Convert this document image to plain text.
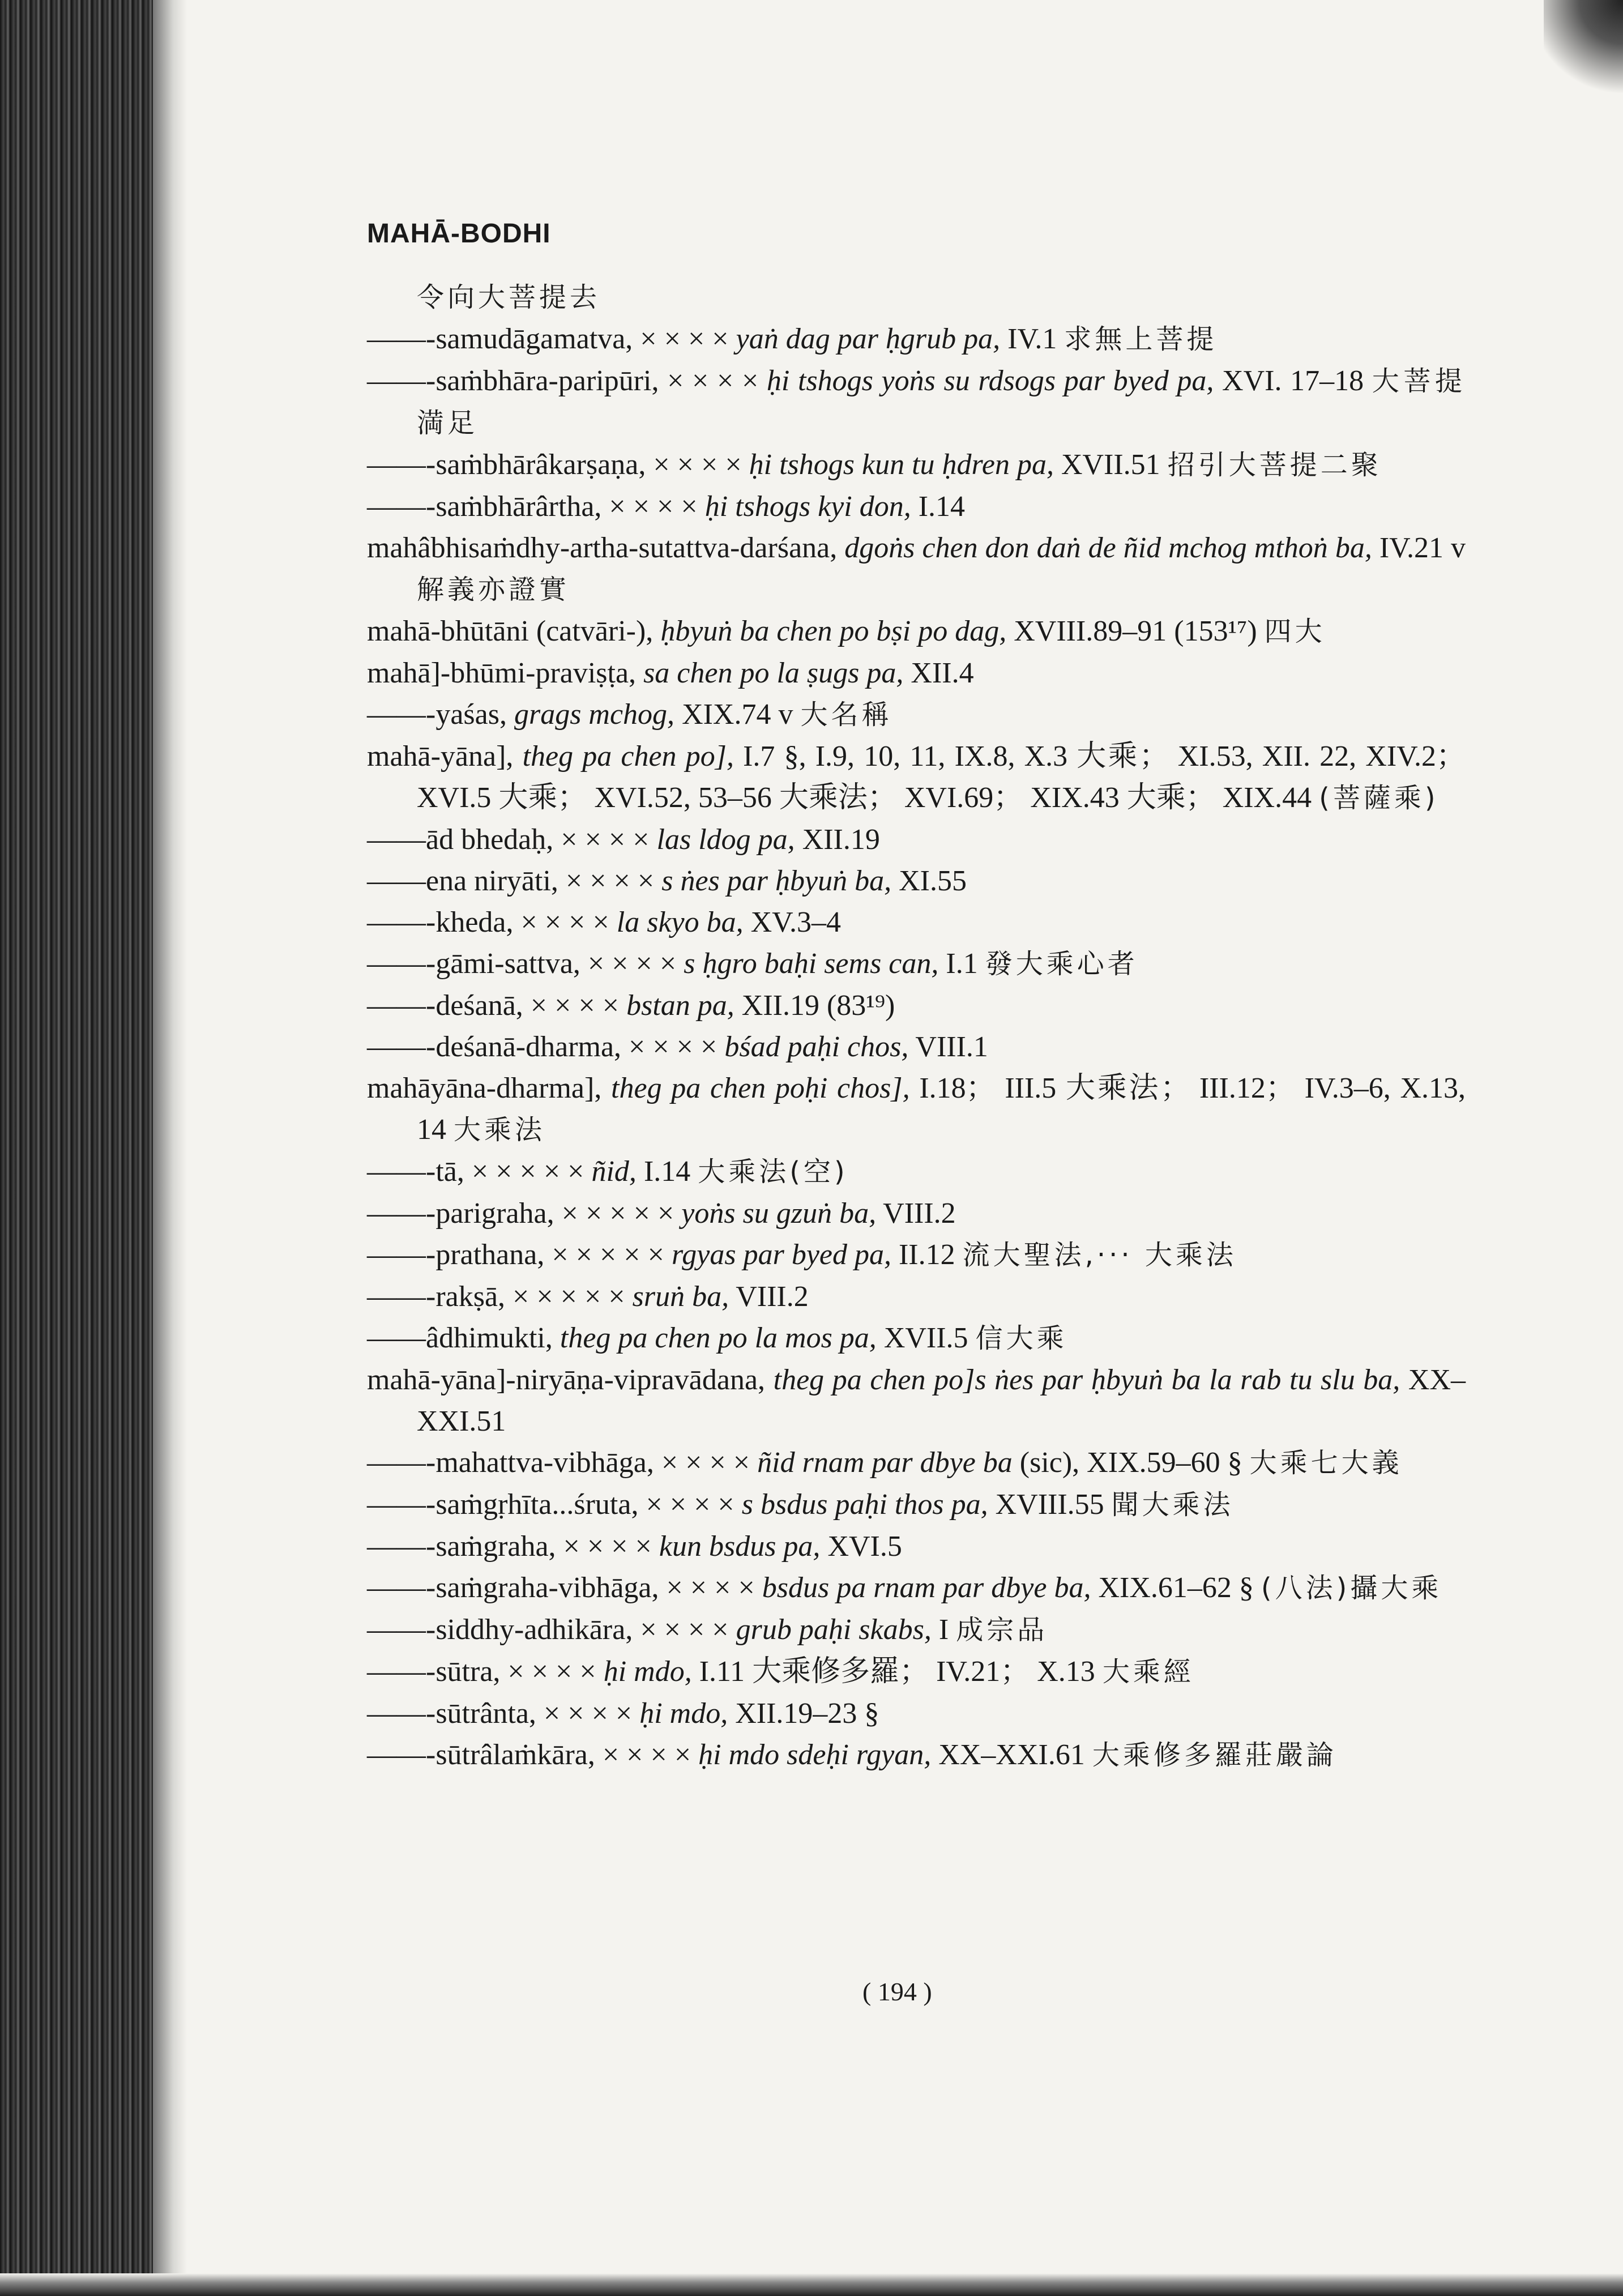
MAHĀ-BODHI

令向大菩提去

——-samudāgamatva, × × × × yaṅ dag par ḥgrub pa, IV.1 求無上菩提

——-saṁbhāra-paripūri, × × × × ḥi tshogs yoṅs su rdsogs par byed pa, XVI. 17–18 大菩提満足

——-saṁbhārâkarṣaṇa, × × × × ḥi tshogs kun tu ḥdren pa, XVII.51 招引大菩提二聚

——-saṁbhārârtha, × × × × ḥi tshogs kyi don, I.14

mahâbhisaṁdhy-artha-sutattva-darśana, dgoṅs chen don daṅ de ñid mchog mthoṅ ba, IV.21 v 解義亦證實

mahā-bhūtāni (catvāri-), ḥbyuṅ ba chen po bṣi po dag, XVIII.89–91 (153¹⁷) 四大

mahā]-bhūmi-praviṣṭa, sa chen po la ṣugs pa, XII.4

——-yaśas, grags mchog, XIX.74 v 大名稱

mahā-yāna], theg pa chen po], I.7 §, I.9, 10, 11, IX.8, X.3 大乘； XI.53, XII. 22, XIV.2； XVI.5 大乘； XVI.52, 53–56 大乘法； XVI.69； XIX.43 大乘； XIX.44 (菩薩乘)

——ād bhedaḥ, × × × × las ldog pa, XII.19

——ena niryāti, × × × × s ṅes par ḥbyuṅ ba, XI.55

——-kheda, × × × × la skyo ba, XV.3–4

——-gāmi-sattva, × × × × s ḥgro baḥi sems can, I.1 發大乘心者

——-deśanā, × × × × bstan pa, XII.19 (83¹⁹)

——-deśanā-dharma, × × × × bśad paḥi chos, VIII.1

mahāyāna-dharma], theg pa chen poḥi chos], I.18； III.5 大乘法； III.12； IV.3–6, X.13, 14 大乘法

——-tā, × × × × × ñid, I.14 大乘法(空)

——-parigraha, × × × × × yoṅs su gzuṅ ba, VIII.2

——-prathana, × × × × × rgyas par byed pa, II.12 流大聖法,··· 大乘法

——-rakṣā, × × × × × sruṅ ba, VIII.2

——âdhimukti, theg pa chen po la mos pa, XVII.5 信大乘

mahā-yāna]-niryāṇa-vipravādana, theg pa chen po]s ṅes par ḥbyuṅ ba la rab tu slu ba, XX–XXI.51

——-mahattva-vibhāga, × × × × ñid rnam par dbye ba (sic), XIX.59–60 § 大乘七大義

——-saṁgṛhīta...śruta, × × × × s bsdus paḥi thos pa, XVIII.55 聞大乘法

——-saṁgraha, × × × × kun bsdus pa, XVI.5

——-saṁgraha-vibhāga, × × × × bsdus pa rnam par dbye ba, XIX.61–62 § (八法)攝大乘

——-siddhy-adhikāra, × × × × grub paḥi skabs, I 成宗品

——-sūtra, × × × × ḥi mdo, I.11 大乘修多羅； IV.21； X.13 大乘經

——-sūtrânta, × × × × ḥi mdo, XII.19–23 §

——-sūtrâlaṁkāra, × × × × ḥi mdo sdeḥi rgyan, XX–XXI.61 大乘修多羅莊嚴論

( 194 )
